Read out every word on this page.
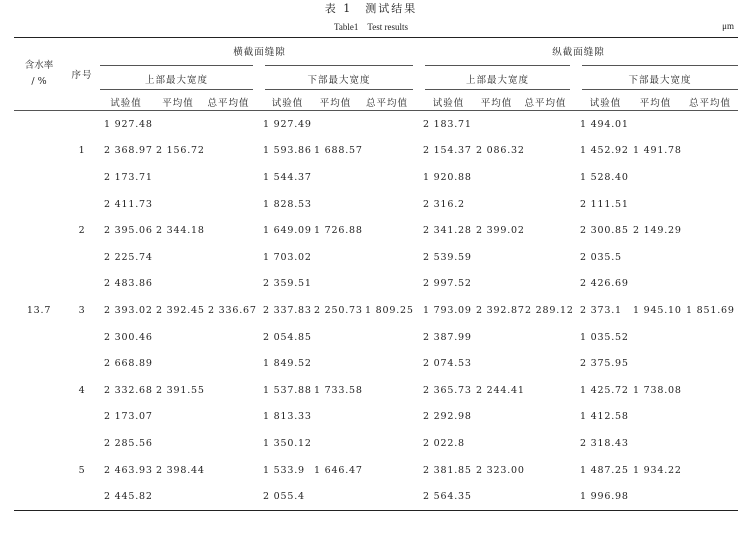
表 1　测试结果
Table1　Test results	μm
含水率
/ %	序号	横截面缝隙						纵截面缝隙					

		上部最大宽度			下部最大宽度			上部最大宽度			下部最大宽度		

		试验值	平均值	总平均值	试验值	平均值	总平均值	试验值	平均值	总平均值	试验值	平均值	总平均值

13.7		1 927.48			1 927.49			2 183.71			1 494.01		
	1	2 368.97	2 156.72		1 593.86	1 688.57		2 154.37	2 086.32		1 452.92	1 491.78	
		2 173.71			1 544.37			1 920.88			1 528.40		
		2 411.73			1 828.53			2 316.2			2 111.51		
	2	2 395.06	2 344.18		1 649.09	1 726.88		2 341.28	2 399.02		2 300.85	2 149.29	
		2 225.74			1 703.02			2 539.59			2 035.5		
		2 483.86			2 359.51			2 997.52			2 426.69		
	3	2 393.02	2 392.45	2 336.67	2 337.83	2 250.73	1 809.25	1 793.09	2 392.87	2 289.12	2 373.1	1 945.10	1 851.69
		2 300.46			2 054.85			2 387.99			1 035.52		
		2 668.89			1 849.52			2 074.53			2 375.95		
	4	2 332.68	2 391.55		1 537.88	1 733.58		2 365.73	2 244.41		1 425.72	1 738.08	
		2 173.07			1 813.33			2 292.98			1 412.58		
		2 285.56			1 350.12			2 022.8			2 318.43		
	5	2 463.93	2 398.44		1 533.9	1 646.47		2 381.85	2 323.00		1 487.25	1 934.22	
		2 445.82			2 055.4			2 564.35			1 996.98		
